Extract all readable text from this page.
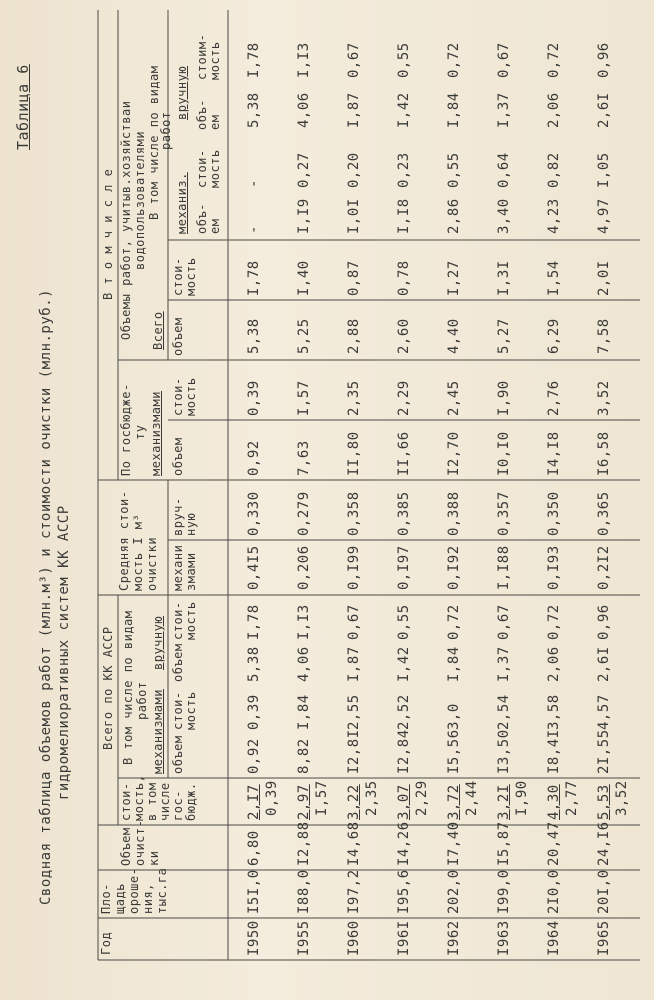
Таблица 6
Сводная таблица объемов работ (млн.м³) и стоимости очистки (млн.руб.) гидромелиоративных систем КК АССР
Год
Пло- щадь ороше- ния, тыс.га
Объем очист- ки
Всего по КК АССР
стои- мость, в том числе гос- бюдж.
В том числе по видам работ механизмами
вручную
объем
стои- мость
объем
стои- мость
Средняя стои- мость I м³ очистки механи змами
вруч- ную
В т о м ч и с л е
По госбюдже- ту механизмами объем
стои- мость
Объемы работ, учитыв.хозяйстваи водопользователями
Всего
В том числе по видам
работ
объем
стои- мость
механиз.
вручную
объ- ем
стои- мость
объ- ем
стоим- мость
I950
I5I,0
6,80
2,I7
0,92
0,39
5,38
I,78
0,4I5
0,330
0,92
0,39
5,38
I,78
-
-
5,38
I,78
0,39
I955
I88,0
I2,88
2,97
8,82
I,84
4,06
I,I3
0,206
0,279
7,63
I,57
5,25
I,40
I,I9
0,27
4,06
I,I3
I,57
I960
I97,2
I4,68
3,22
I2,8I
2,55
I,87
0,67
0,I99
0,358
II,80
2,35
2,88
0,87
I,0I
0,20
I,87
0,67
2,35
I96I
I95,6
I4,26
3,07
I2,84
2,52
I,42
0,55
0,I97
0,385
II,66
2,29
2,60
0,78
I,I8
0,23
I,42
0,55
2,29
I962
202,0
I7,40
3,72
I5,56
3,0
I,84
0,72
0,I92
0,388
I2,70
2,45
4,40
I,27
2,86
0,55
I,84
0,72
2,44
I963
I99,0
I5,87
3,2I
I3,50
2,54
I,37
0,67
I,I88
0,357
I0,I0
I,90
5,27
I,3I
3,40
0,64
I,37
0,67
I,90
I964
2I0,0
20,47
4,30
I8,4I
3,58
2,06
0,72
0,I93
0,350
I4,I8
2,76
6,29
I,54
4,23
0,82
2,06
0,72
2,77
I965
20I,0
24,I6
5,53
2I,55
4,57
2,6I
0,96
0,2I2
0,365
I6,58
3,52
7,58
2,0I
4,97
I,05
2,6I
0,96
3,52
